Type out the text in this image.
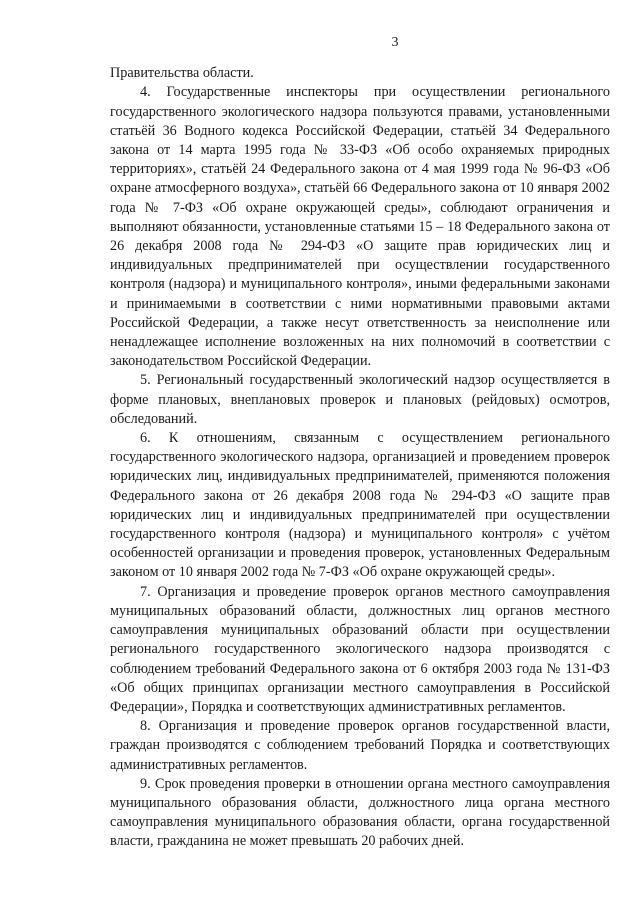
3

Правительства области.

4. Государственные инспекторы при осуществлении регионального государственного экологического надзора пользуются правами, установленными статьёй 36 Водного кодекса Российской Федерации, статьёй 34 Федерального закона от 14 марта 1995 года № 33-ФЗ «Об особо охраняемых природных территориях», статьёй 24 Федерального закона от 4 мая 1999 года № 96-ФЗ «Об охране атмосферного воздуха», статьёй 66 Федерального закона от 10 января 2002 года № 7-ФЗ «Об охране окружающей среды», соблюдают ограничения и выполняют обязанности, установленные статьями 15 – 18 Федерального закона от 26 декабря 2008 года № 294-ФЗ «О защите прав юридических лиц и индивидуальных предпринимателей при осуществлении государственного контроля (надзора) и муниципального контроля», иными федеральными законами и принимаемыми в соответствии с ними нормативными правовыми актами Российской Федерации, а также несут ответственность за неисполнение или ненадлежащее исполнение возложенных на них полномочий в соответствии с законодательством Российской Федерации.

5. Региональный государственный экологический надзор осуществляется в форме плановых, внеплановых проверок и плановых (рейдовых) осмотров, обследований.

6. К отношениям, связанным с осуществлением регионального государственного экологического надзора, организацией и проведением проверок юридических лиц, индивидуальных предпринимателей, применяются положения Федерального закона от 26 декабря 2008 года № 294-ФЗ «О защите прав юридических лиц и индивидуальных предпринимателей при осуществлении государственного контроля (надзора) и муниципального контроля» с учётом особенностей организации и проведения проверок, установленных Федеральным законом от 10 января 2002 года № 7-ФЗ «Об охране окружающей среды».

7. Организация и проведение проверок органов местного самоуправления муниципальных образований области, должностных лиц органов местного самоуправления муниципальных образований области при осуществлении регионального государственного экологического надзора производятся с соблюдением требований Федерального закона от 6 октября 2003 года № 131-ФЗ «Об общих принципах организации местного самоуправления в Российской Федерации», Порядка и соответствующих административных регламентов.

8. Организация и проведение проверок органов государственной власти, граждан производятся с соблюдением требований Порядка и соответствующих административных регламентов.

9. Срок проведения проверки в отношении органа местного самоуправления муниципального образования области, должностного лица органа местного самоуправления муниципального образования области, органа государственной власти, гражданина не может превышать 20 рабочих дней.
